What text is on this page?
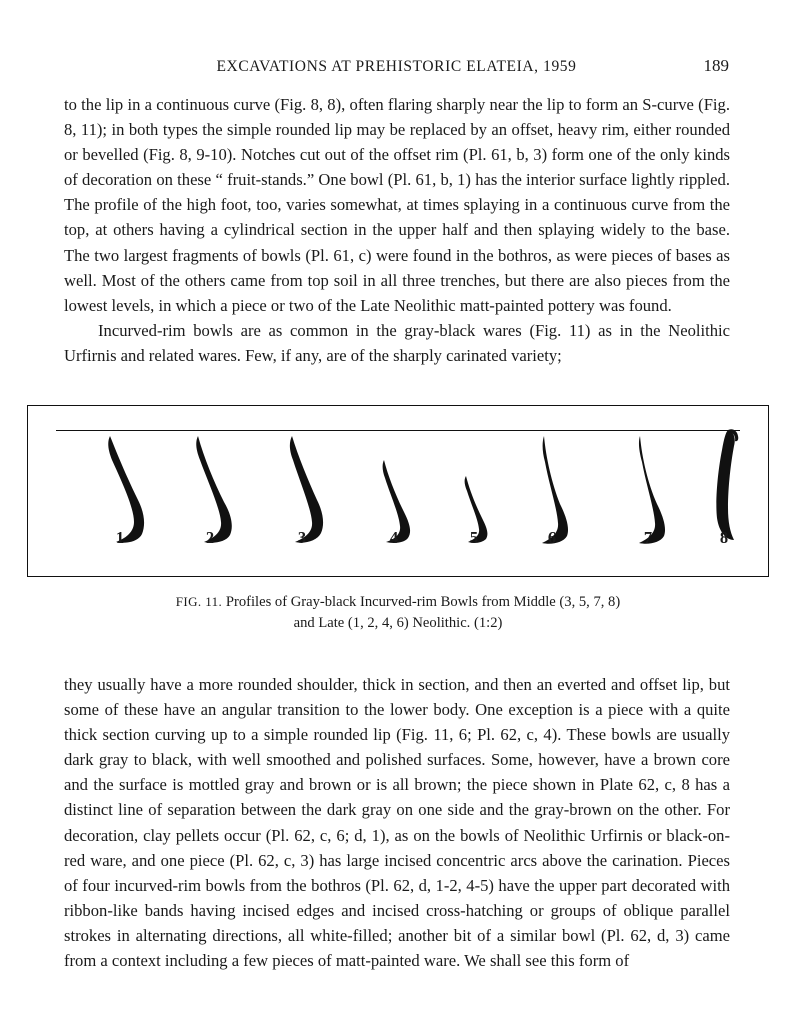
EXCAVATIONS AT PREHISTORIC ELATEIA, 1959	189

to the lip in a continuous curve (Fig. 8, 8), often flaring sharply near the lip to form an S-curve (Fig. 8, 11); in both types the simple rounded lip may be replaced by an offset, heavy rim, either rounded or bevelled (Fig. 8, 9-10). Notches cut out of the offset rim (Pl. 61, b, 3) form one of the only kinds of decoration on these “ fruit-stands.” One bowl (Pl. 61, b, 1) has the interior surface lightly rippled. The profile of the high foot, too, varies somewhat, at times splaying in a continuous curve from the top, at others having a cylindrical section in the upper half and then splaying widely to the base. The two largest fragments of bowls (Pl. 61, c) were found in the bothros, as were pieces of bases as well. Most of the others came from top soil in all three trenches, but there are also pieces from the lowest levels, in which a piece or two of the Late Neolithic matt-painted pottery was found.

Incurved-rim bowls are as common in the gray-black wares (Fig. 11) as in the Neolithic Urfirnis and related wares. Few, if any, are of the sharply carinated variety;

1	2	3	4	5	6	7	8
FIG. 11. Profiles of Gray-black Incurved-rim Bowls from Middle (3, 5, 7, 8)
and Late (1, 2, 4, 6) Neolithic. (1:2)

they usually have a more rounded shoulder, thick in section, and then an everted and offset lip, but some of these have an angular transition to the lower body. One exception is a piece with a quite thick section curving up to a simple rounded lip (Fig. 11, 6; Pl. 62, c, 4). These bowls are usually dark gray to black, with well smoothed and polished surfaces. Some, however, have a brown core and the surface is mottled gray and brown or is all brown; the piece shown in Plate 62, c, 8 has a distinct line of separation between the dark gray on one side and the gray-brown on the other. For decoration, clay pellets occur (Pl. 62, c, 6; d, 1), as on the bowls of Neolithic Urfirnis or black-on-red ware, and one piece (Pl. 62, c, 3) has large incised concentric arcs above the carination. Pieces of four incurved-rim bowls from the bothros (Pl. 62, d, 1-2, 4-5) have the upper part decorated with ribbon-like bands having incised edges and incised cross-hatching or groups of oblique parallel strokes in alternating directions, all white-filled; another bit of a similar bowl (Pl. 62, d, 3) came from a context including a few pieces of matt-painted ware. We shall see this form of
